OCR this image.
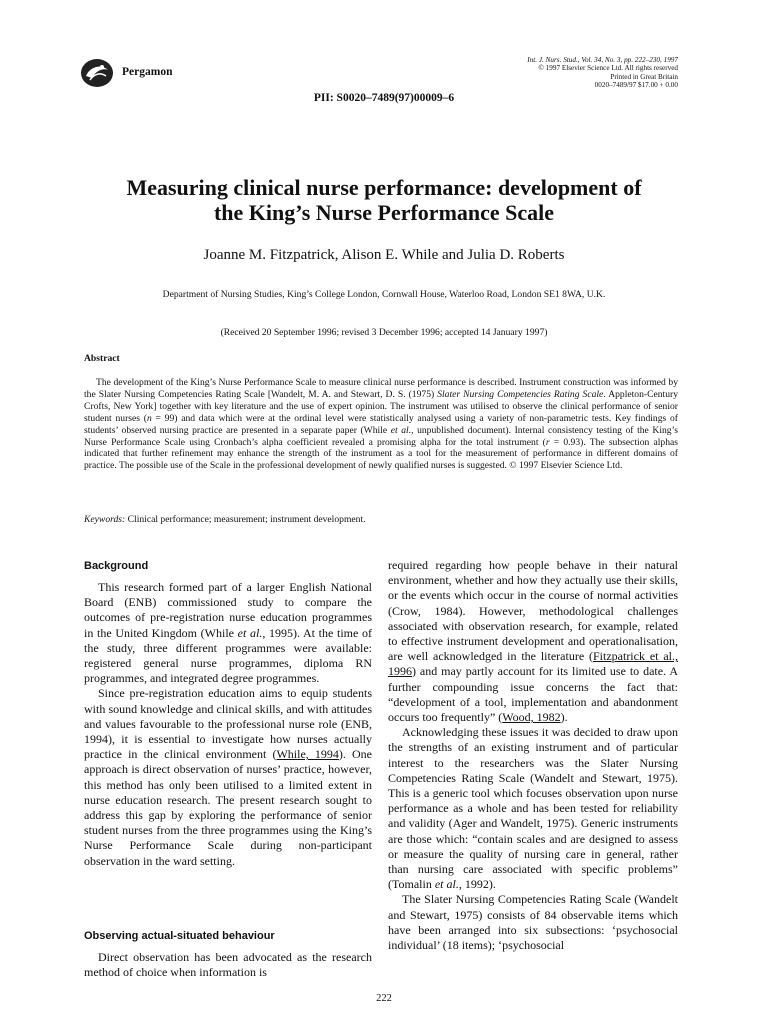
Pergamon
Int. J. Nurs. Stud., Vol. 34, No. 3, pp. 222–230, 1997
© 1997 Elsevier Science Ltd. All rights reserved
Printed in Great Britain
0020–7489/97 $17.00 + 0.00
PII: S0020–7489(97)00009–6
Measuring clinical nurse performance: development of
the King’s Nurse Performance Scale
Joanne M. Fitzpatrick, Alison E. While and Julia D. Roberts
Department of Nursing Studies, King’s College London, Cornwall House, Waterloo Road, London SE1 8WA, U.K.
(Received 20 September 1996; revised 3 December 1996; accepted 14 January 1997)
Abstract

The development of the King’s Nurse Performance Scale to measure clinical nurse performance is described. Instrument construction was informed by the Slater Nursing Competencies Rating Scale [Wandelt, M. A. and Stewart, D. S. (1975) Slater Nursing Competencies Rating Scale. Appleton-Century Crofts, New York] together with key literature and the use of expert opinion. The instrument was utilised to observe the clinical performance of senior student nurses (n = 99) and data which were at the ordinal level were statistically analysed using a variety of non-parametric tests. Key findings of students’ observed nursing practice are presented in a separate paper (While et al., unpublished document). Internal consistency testing of the King’s Nurse Performance Scale using Cronbach’s alpha coefficient revealed a promising alpha for the total instrument (r = 0.93). The subsection alphas indicated that further refinement may enhance the strength of the instrument as a tool for the measurement of performance in different domains of practice. The possible use of the Scale in the professional development of newly qualified nurses is suggested. © 1997 Elsevier Science Ltd.

Keywords: Clinical performance; measurement; instrument development.
Background

This research formed part of a larger English National Board (ENB) commissioned study to compare the outcomes of pre-registration nurse education programmes in the United Kingdom (While et al., 1995). At the time of the study, three different programmes were available: registered general nurse programmes, diploma RN programmes, and integrated degree programmes.

Since pre-registration education aims to equip students with sound knowledge and clinical skills, and with attitudes and values favourable to the professional nurse role (ENB, 1994), it is essential to investigate how nurses actually practice in the clinical environment (While, 1994). One approach is direct observation of nurses’ practice, however, this method has only been utilised to a limited extent in nurse education research. The present research sought to address this gap by exploring the performance of senior student nurses from the three programmes using the King’s Nurse Performance Scale during non-participant observation in the ward setting.

Observing actual-situated behaviour

Direct observation has been advocated as the research method of choice when information is

required regarding how people behave in their natural environment, whether and how they actually use their skills, or the events which occur in the course of normal activities (Crow, 1984). However, methodological challenges associated with observation research, for example, related to effective instrument development and operationalisation, are well acknowledged in the literature (Fitzpatrick et al., 1996) and may partly account for its limited use to date. A further compounding issue concerns the fact that: “development of a tool, implementation and abandonment occurs too frequently” (Wood, 1982).

Acknowledging these issues it was decided to draw upon the strengths of an existing instrument and of particular interest to the researchers was the Slater Nursing Competencies Rating Scale (Wandelt and Stewart, 1975). This is a generic tool which focuses observation upon nurse performance as a whole and has been tested for reliability and validity (Ager and Wandelt, 1975). Generic instruments are those which: “contain scales and are designed to assess or measure the quality of nursing care in general, rather than nursing care associated with specific problems” (Tomalin et al., 1992).

The Slater Nursing Competencies Rating Scale (Wandelt and Stewart, 1975) consists of 84 observable items which have been arranged into six subsections: ‘psychosocial individual’ (18 items); ‘psychosocial

222
